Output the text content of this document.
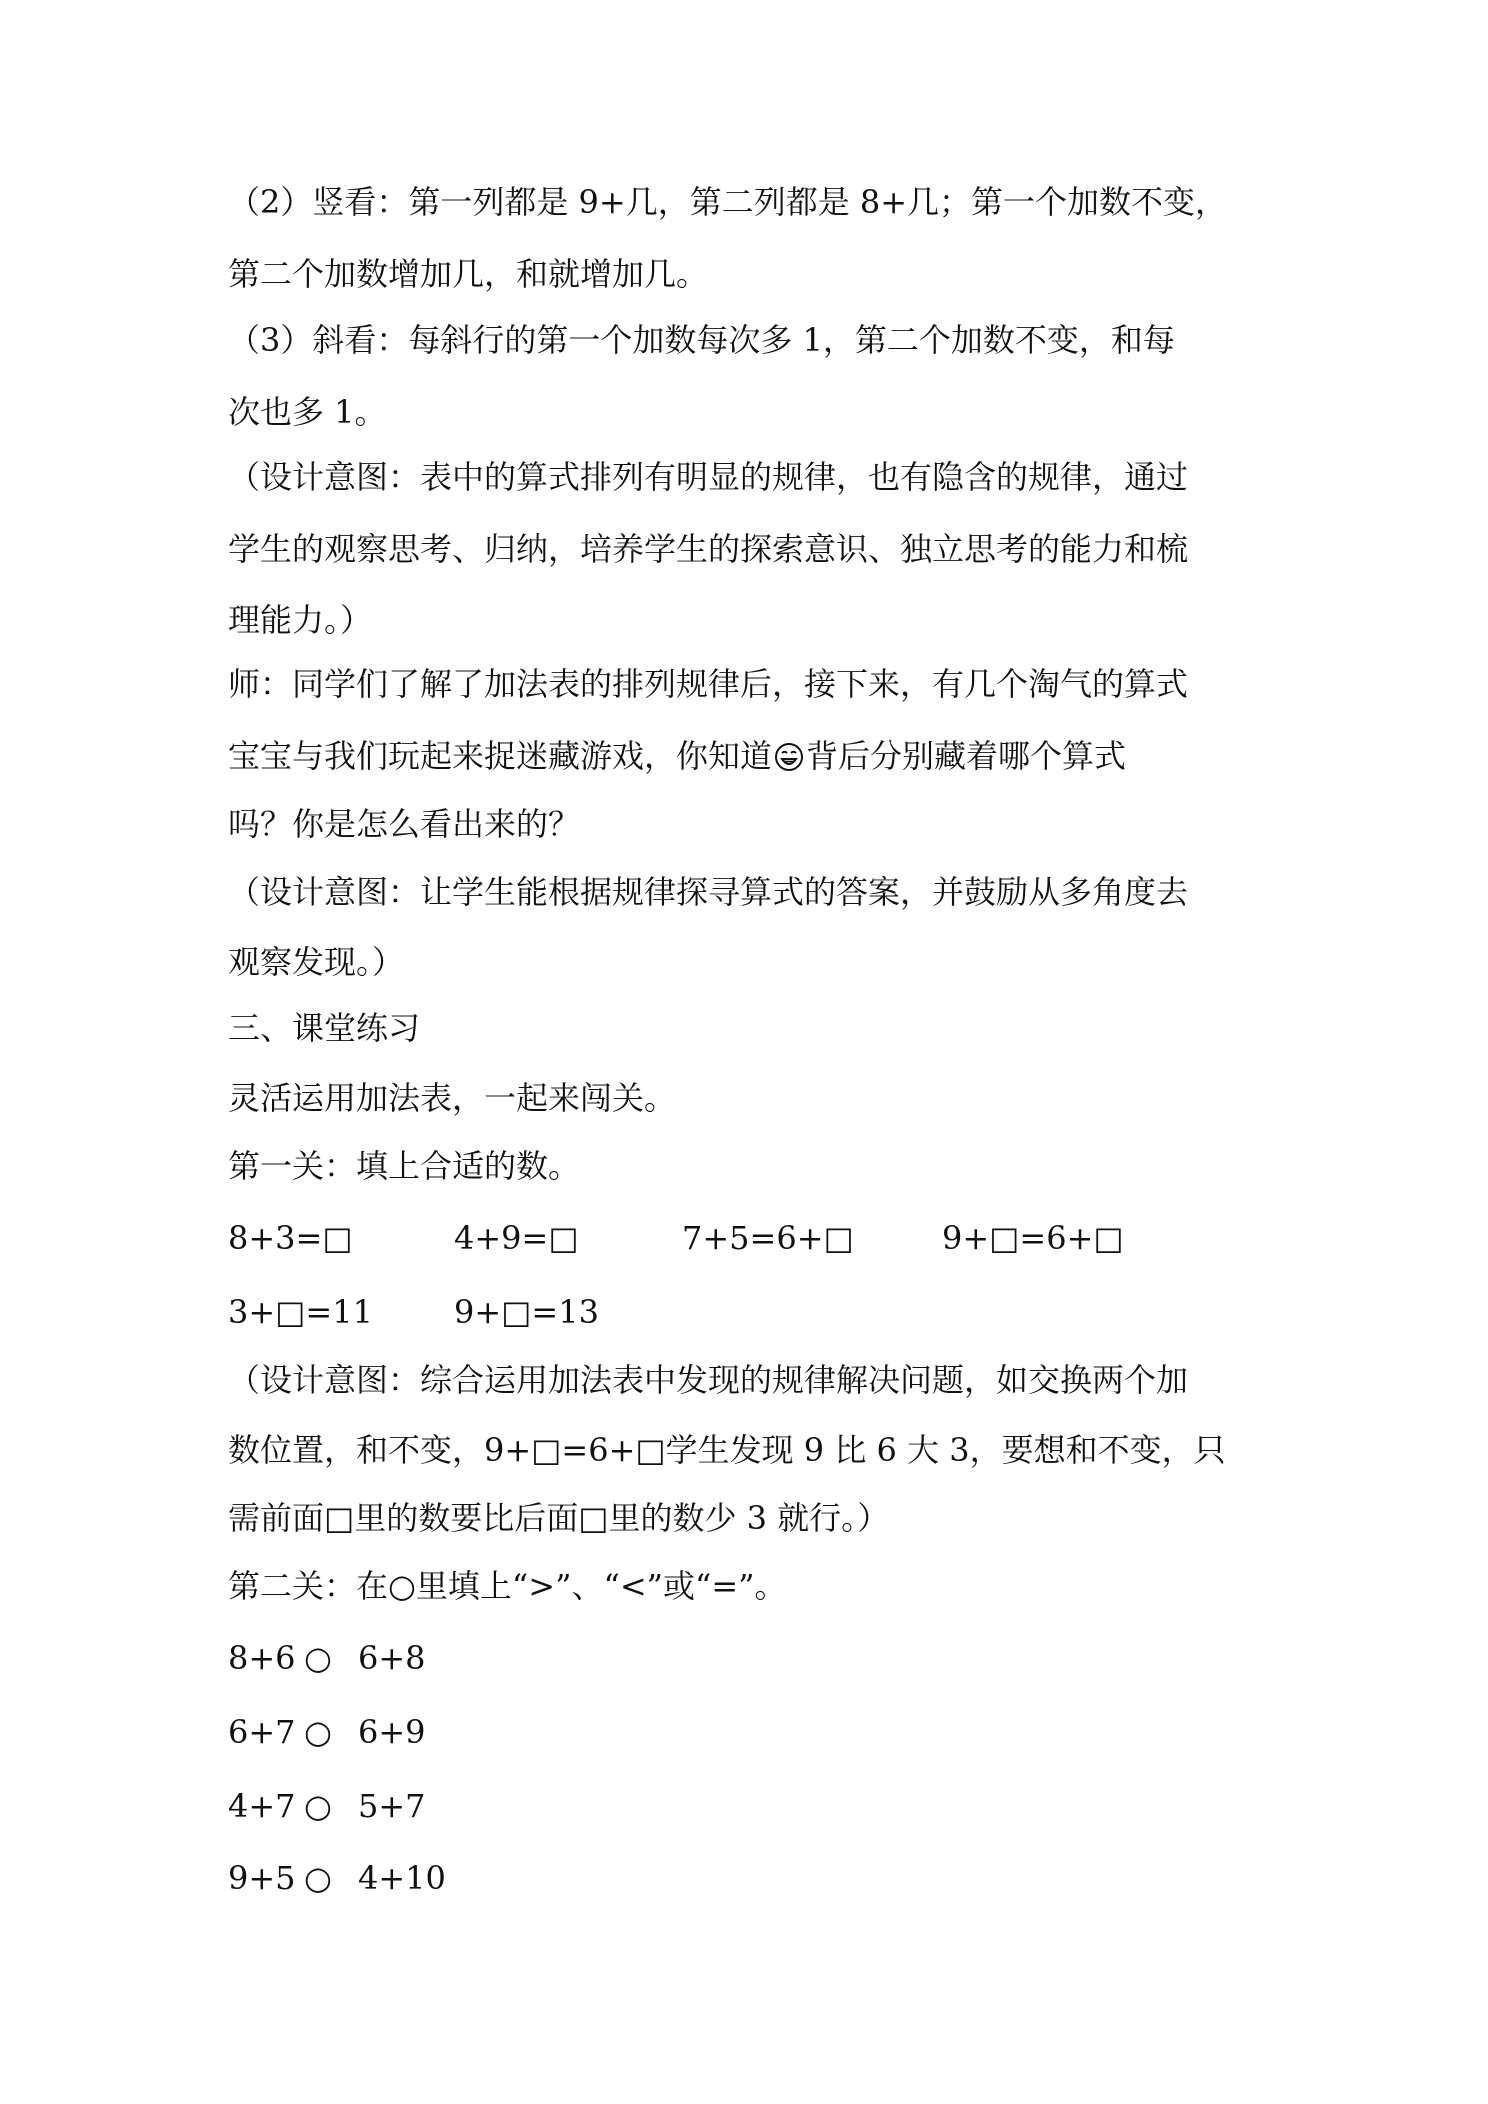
（2）竖看：第一列都是 9+几，第二列都是 8+几；第一个加数不变，

第二个加数增加几，和就增加几。

（3）斜看：每斜行的第一个加数每次多 1，第二个加数不变，和每

次也多 1。

（设计意图：表中的算式排列有明显的规律，也有隐含的规律，通过

学生的观察思考、归纳，培养学生的探索意识、独立思考的能力和梳

理能力。）

师：同学们了解了加法表的排列规律后，接下来，有几个淘气的算式

宝宝与我们玩起来捉迷藏游戏，你知道 背后分别藏着哪个算式

吗？你是怎么看出来的？

（设计意图：让学生能根据规律探寻算式的答案，并鼓励从多角度去

观察发现。）

三、课堂练习

灵活运用加法表，一起来闯关。

第一关：填上合适的数。

8+3=□	4+9=□	7+5=6+□	9+□=6+□
3+□=11	9+□=13

（设计意图：综合运用加法表中发现的规律解决问题，如交换两个加

数位置，和不变，9+□=6+□学生发现 9 比 6 大 3，要想和不变，只

需前面□里的数要比后面□里的数少 3 就行。）

第二关：在○里填上“>”、“<”或“=”。

8+6 ○ 6+8
6+7 ○ 6+9
4+7 ○ 5+7
9+5 ○ 4+10
